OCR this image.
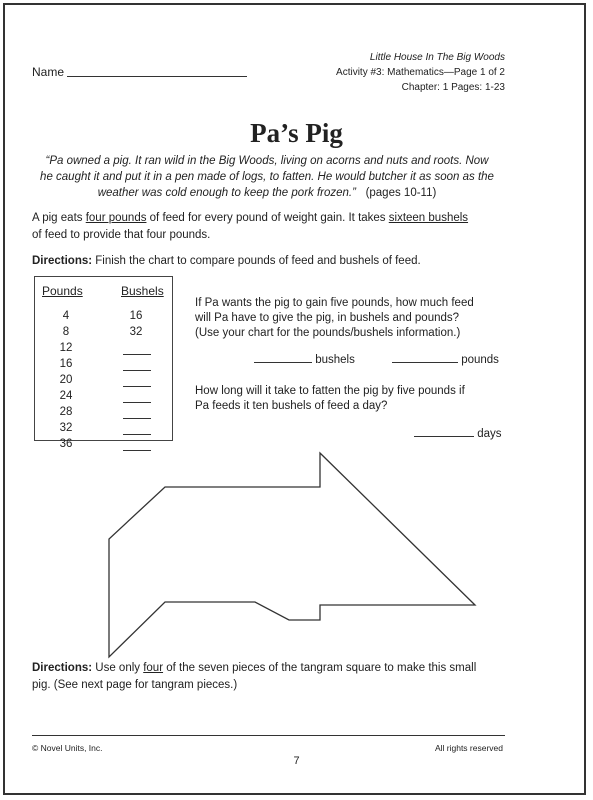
Name
Little House In The Big Woods
Activity #3: Mathematics—Page 1 of 2
Chapter: 1 Pages: 1-23
Pa’s Pig
“Pa owned a pig. It ran wild in the Big Woods, living on acorns and nuts and roots. Now
he caught it and put it in a pen made of logs, to fatten. He would butcher it as soon as the
weather was cold enough to keep the pork frozen.” (pages 10-11)
A pig eats four pounds of feed for every pound of weight gain. It takes sixteen bushels
of feed to provide that four pounds.
Directions: Finish the chart to compare pounds of feed and bushels of feed.
Pounds	Bushels
4	16
8	32
12
16
20
24
28
32
36
If Pa wants the pig to gain five pounds, how much feed
will Pa have to give the pig, in bushels and pounds?
(Use your chart for the pounds/bushels information.)
bushels	pounds
How long will it take to fatten the pig by five pounds if
Pa feeds it ten bushels of feed a day?
days
Directions: Use only four of the seven pieces of the tangram square to make this small
pig. (See next page for tangram pieces.)
© Novel Units, Inc.	All rights reserved
7
